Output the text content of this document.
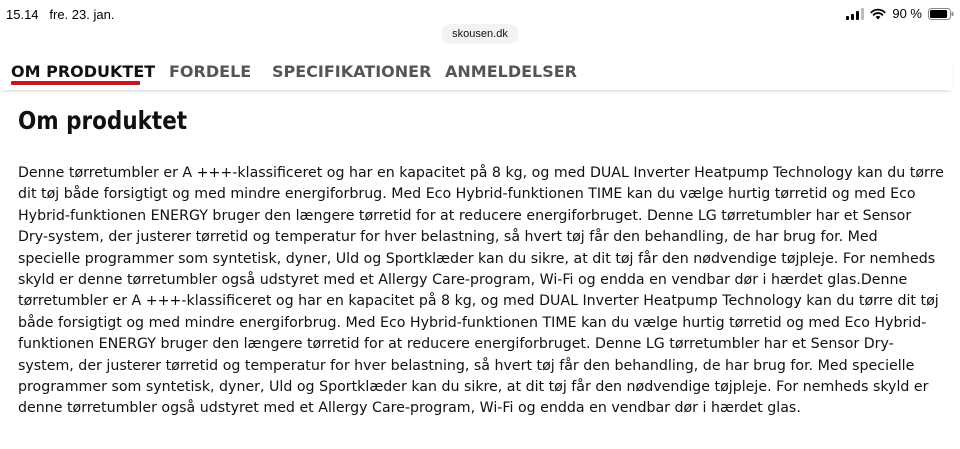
15.14 fre. 23. jan.	90 %
skousen.dk
OM PRODUKTET FORDELE SPECIFIKATIONER ANMELDELSER
Om produktet

Denne tørretumbler er A +++-klassificeret og har en kapacitet på 8 kg, og med DUAL Inverter Heatpump Technology kan du tørre dit tøj både forsigtigt og med mindre energiforbrug. Med Eco Hybrid-funktionen TIME kan du vælge hurtig tørretid og med Eco Hybrid-funktionen ENERGY bruger den længere tørretid for at reducere energiforbruget. Denne LG tørretumbler har et Sensor Dry-system, der justerer tørretid og temperatur for hver belastning, så hvert tøj får den behandling, de har brug for. Med specielle programmer som syntetisk, dyner, Uld og Sportklæder kan du sikre, at dit tøj får den nødvendige tøjpleje. For nemheds skyld er denne tørretumbler også udstyret med et Allergy Care-program, Wi-Fi og endda en vendbar dør i hærdet glas.Denne tørretumbler er A +++-klassificeret og har en kapacitet på 8 kg, og med DUAL Inverter Heatpump Technology kan du tørre dit tøj både forsigtigt og med mindre energiforbrug. Med Eco Hybrid-funktionen TIME kan du vælge hurtig tørretid og med Eco Hybrid-funktionen ENERGY bruger den længere tørretid for at reducere energiforbruget. Denne LG tørretumbler har et Sensor Dry-system, der justerer tørretid og temperatur for hver belastning, så hvert tøj får den behandling, de har brug for. Med specielle programmer som syntetisk, dyner, Uld og Sportklæder kan du sikre, at dit tøj får den nødvendige tøjpleje. For nemheds skyld er denne tørretumbler også udstyret med et Allergy Care-program, Wi-Fi og endda en vendbar dør i hærdet glas.
